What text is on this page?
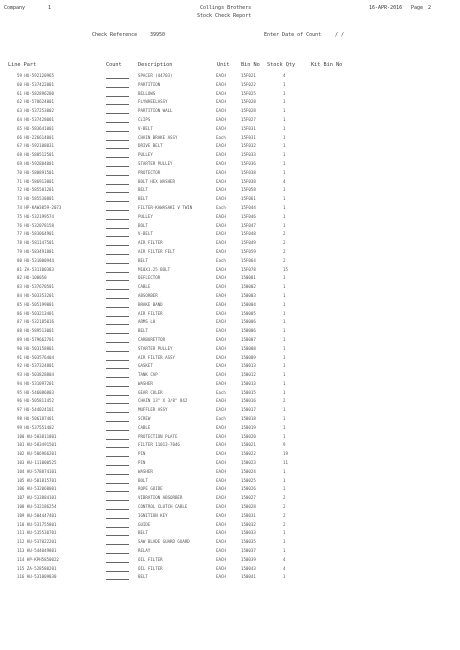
Company	1	Collings Brothers
Stock Check Report
16-APR-2016 Page 2
Check Reference	39950	Enter Date of Count	/ /
Line Part	Count	Description	Unit Bin No Stock Qty	Kit Bin No
59 HU-592120965	SPACER (44703)	EACH	15F021	4
60 HU-537422001	PARTITION	EACH	15F022	1
61 HU-582896200	BELLOWS	EACH	15F025	1
62 HU-578624001	FLYWHEELASSY	EACH	15F028	1
63 HU-537253002	PARTITION WALL	EACH	15F028	1
64 HU-537428001	CLIPS	EACH	15F027	1
65 HU-583641001	V-BELT	EACH	15F031	1
66 HU-226614001	CHAIN BRAKE ASSY	Each	15F031	1
67 HU-592108031	DRIVE BELT	EACH	15F032	1
68 HU-580512501	PULLEY	EACH	15F033	1
69 HU-592884001	STARTER PULLEY	EACH	15F036	1
70 HU-580891501	PROTECTOR	EACH	15F038	1
71 HU-586913001	BOLT HEX WASHER	EACH	15F038	4
72 HU-585501201	BELT	EACH	15F058	1
73 HU-585530801	BELT	EACH	15F061	1
74 HP-KAW3059-2073	FILTER-KAWASAKI V TWIN	Each	15F044	1
75 HU-532199574	PULLEY	EACH	15F046	1
76 HU-532078158	BOLT	EACH	15F047	1
77 HU-583064901	V-BELT	EACH	15F048	2
78 HU-581147501	AIR FILTER	EACH	15F049	2
79 HU-583491801	AIR FILTER FELT	EACH	15F059	2
80 HU-531000944	BELT	Each	15F064	2
81 ZA-531100383	M10X1.25 BOLT	EACH	15F078	15
82 HU-100050	DEFLECTOR	EACH	150001	1
83 HU-537670501	CABLE	EACH	150002	1
84 HU-503353201	ABSORBER	EACH	150003	1
85 HU-505199001	BRAKE BAND	EACH	150004	1
86 HU-503213401	AIR FILTER	EACH	150005	1
87 HU-532185016	ARMS LH	EACH	150006	1
88 HU-589513001	BELT	EACH	150006	1
89 HU-579662701	CARBURETTOR	EACH	150007	1
90 HU-503158801	STARTER PULLEY	EACH	150008	1
91 HU-503576404	AIR FILTER ASSY	EACH	150009	1
92 HU-537324801	GASKET	EACH	150013	1
93 HU-503828804	TANK CAP	EACH	150012	1
94 HU-531097201	WASHER	EACH	150013	1
95 HU-546086803	GEAR COLER	Each	150015	1
96 HU-505811452	CHAIN 13" X 3/8" 842	EACH	150016	2
97 HU-544024101	MUFFLER ASSY	EACH	150017	1
98 HU-506187401	SCREW	Each	150018	1
99 HU-537551402	CABLE	EACH	150019	1
100 HU-503811801	PROTECTION PLATE	EACH	150020	1
101 HU-583491501	FILTER 11013-7046	EACH	150021	9
102 HU-506966201	PIN	EACH	150022	19
103 HU-111000525	PIN	EACH	150023	11
104 HU-578874101	WASHER	EACH	150024	1
105 HU-501815701	BOLT	EACH	150025	1
106 HU-532060001	ROPE GUIDE	EACH	150026	1
107 HU-533884101	VIBRATION ABSORBER	EACH	150027	2
108 HU-532186254	CONTROL CLUTCH CABLE	EACH	150028	2
109 HU-504447401	IGNITION KEY	EACH	150031	2
110 HU-531755801	GUIDE	EACH	150032	2
111 HU-535530701	BELT	EACH	150033	1
112 HU-537022201	SAW BLADE GUARD GUARD	EACH	150035	1
113 HU-544049801	RELAY	EACH	150037	1
114 HP-KPH5850022	OIL FILTER	EACH	150039	4
115 ZA-528580201	OIL FILTER	EACH	150043	4
116 HU-531009030	BELT	EACH	150041	1
